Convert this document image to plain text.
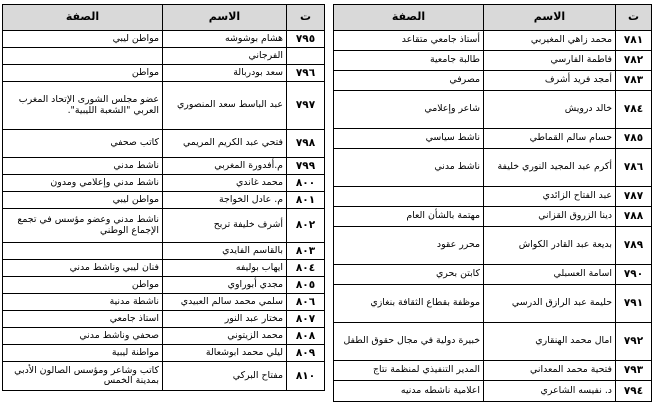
ت	الاسم	الصفة
٧٨١	محمد زاهي المغيربي	أستاذ جامعي متقاعد
٧٨٢	فاطمة الفارسي	طالبة جامعية
٧٨٣	أمجد فريد أشرف	مصرفي
٧٨٤	خالد درويش	شاعر وإعلامي
٧٨٥	حسام سالم القماطي	ناشط سياسي
٧٨٦	أكرم عبد المجيد النوري خليفة	ناشط مدني
٧٨٧	عبد الفتاح الزائدي	
٧٨٨	دينا الزروق القزاني	مهتمة بالشأن العام
٧٨٩	بديعة عبد القادر الكواش	محرر عقود
٧٩٠	اسامة العسبلي	كابتن بحري
٧٩١	حليمة عبد الرازق الدرسي	موظفة بقطاع الثقافة بنغازي
٧٩٢	امال محمد الهنقاري	خبيرة دولية في مجال حقوق الطفل
٧٩٣	فتحية محمد المعداني	المدير التنفيذي لمنظمة نتاج
٧٩٤	د. نفيسه الشاعري	اعلامية ناشطه مدنيه
ت	الاسم	الصفة
٧٩٥	هشام بوشوشه	مواطن ليبي
	الفرجاني	
٧٩٦	سعد بودربالة	مواطن
٧٩٧	عبد الباسط سعد المنصوري	عضو مجلس الشورى الإتحاد المغرب العربي "الشعبة الليبية".
٧٩٨	فتحي عبد الكريم المريمي	كاتب صحفي
٧٩٩	م.أفدورة المغربي	ناشط مدني
٨٠٠	محمد غاندي	ناشط مدني وإعلامي ومدون
٨٠١	م. عادل الخواجة	مواطن ليبي
٨٠٢	أشرف خليفة تربح	ناشط مدني وعضو مؤسس في تجمع الإجماع الوطني
٨٠٣	بالقاسم الفايدي	
٨٠٤	ايهاب بوليفه	فنان ليبي وناشط مدني
٨٠٥	مجدي أبوراوي	مواطن
٨٠٦	سلمي محمد سالم العبيدي	ناشطة مدنية
٨٠٧	مختار عبد النور	استاذ جامعي
٨٠٨	محمد الزيتوني	صحفي وناشط مدني
٨٠٩	ليلي محمد ابوشعالة	مواطنة ليبية
٨١٠	مفتاح البركي	كاتب وشاعر ومؤسس الصالون الأدبي بمدينة الخمس
